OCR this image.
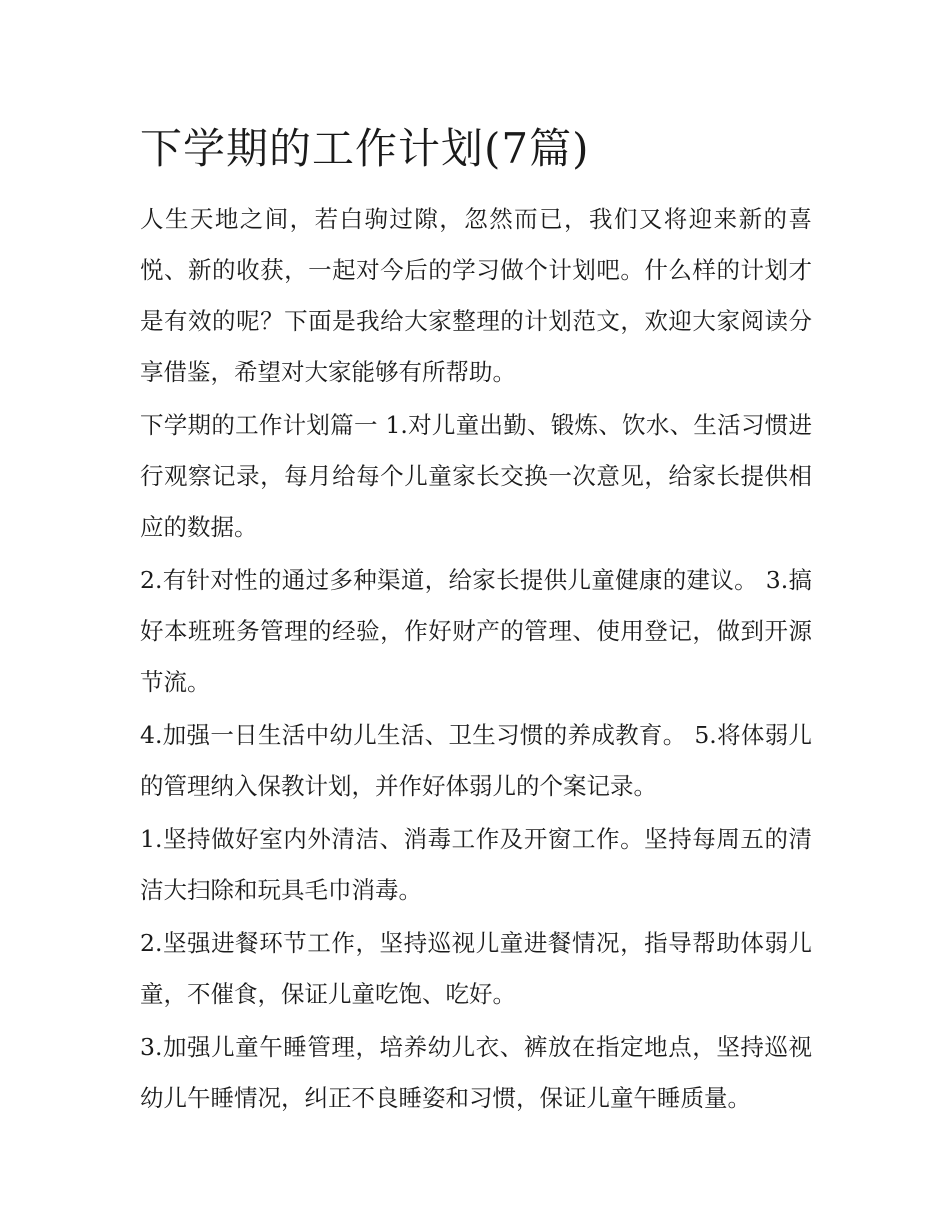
下学期的工作计划(7篇)

人生天地之间，若白驹过隙，忽然而已，我们又将迎来新的喜悦、新的收获，一起对今后的学习做个计划吧。什么样的计划才是有效的呢？下面是我给大家整理的计划范文，欢迎大家阅读分享借鉴，希望对大家能够有所帮助。

下学期的工作计划篇一 1.对儿童出勤、锻炼、饮水、生活习惯进行观察记录，每月给每个儿童家长交换一次意见，给家长提供相应的数据。

2.有针对性的通过多种渠道，给家长提供儿童健康的建议。 3.搞好本班班务管理的经验，作好财产的管理、使用登记，做到开源节流。

4.加强一日生活中幼儿生活、卫生习惯的养成教育。 5.将体弱儿的管理纳入保教计划，并作好体弱儿的个案记录。

1.坚持做好室内外清洁、消毒工作及开窗工作。坚持每周五的清洁大扫除和玩具毛巾消毒。

2.坚强进餐环节工作，坚持巡视儿童进餐情况，指导帮助体弱儿童，不催食，保证儿童吃饱、吃好。

3.加强儿童午睡管理，培养幼儿衣、裤放在指定地点，坚持巡视幼儿午睡情况，纠正不良睡姿和习惯，保证儿童午睡质量。
